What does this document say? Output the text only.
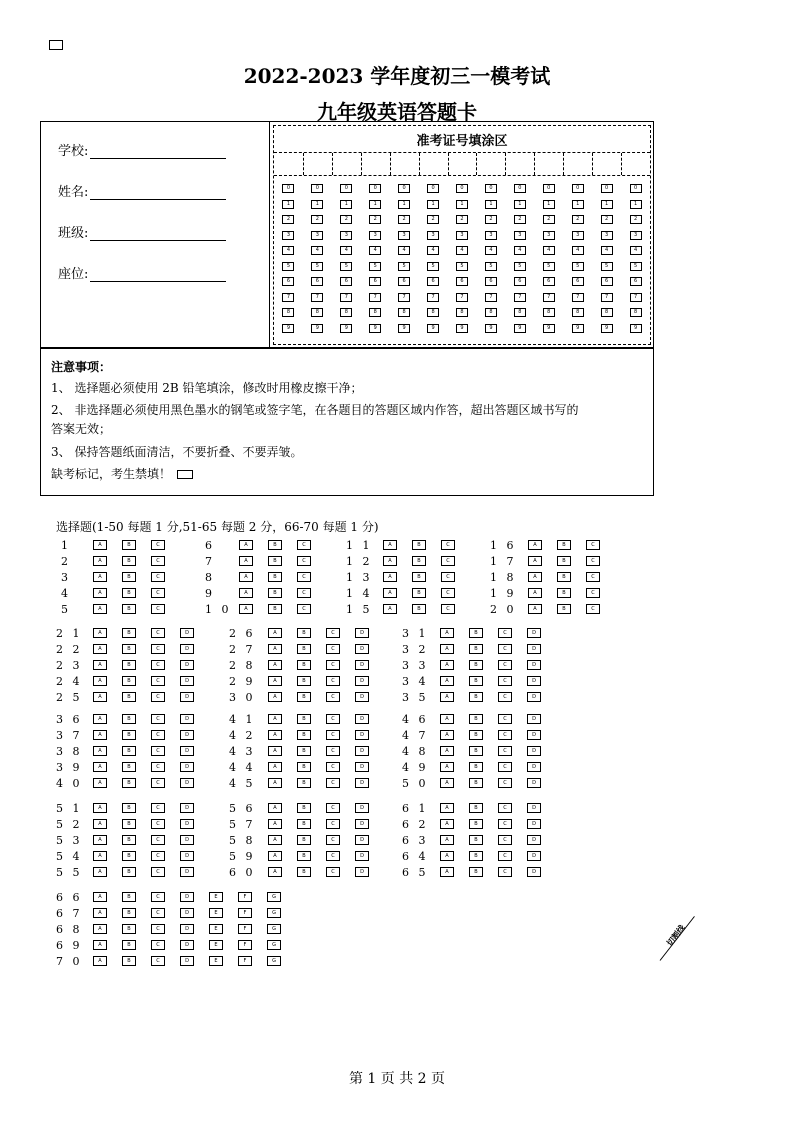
2022-2023 学年度初三一模考试
九年级英语答题卡
学校:
姓名:
班级:
座位:
准考证号填涂区
0	0	0	0	0	0	0	0	0	0	0	0	0
1	1	1	1	1	1	1	1	1	1	1	1	1
2	2	2	2	2	2	2	2	2	2	2	2	2
3	3	3	3	3	3	3	3	3	3	3	3	3
4	4	4	4	4	4	4	4	4	4	4	4	4
5	5	5	5	5	5	5	5	5	5	5	5	5
6	6	6	6	6	6	6	6	6	6	6	6	6
7	7	7	7	7	7	7	7	7	7	7	7	7
8	8	8	8	8	8	8	8	8	8	8	8	8
9	9	9	9	9	9	9	9	9	9	9	9	9
注意事项：
1、 选择题必须使用 2B 铅笔填涂，修改时用橡皮擦干净；
2、 非选择题必须使用黑色墨水的钢笔或签字笔，在各题目的答题区域内作答，超出答题区域书写的
答案无效；
3、 保持答题纸面清洁，不要折叠、不要弄皱。
缺考标记，考生禁填！
选择题(1-50 每题 1 分,51-65 每题 2 分，66-70 每题 1 分)
1	A	B	C
2	A	B	C
3	A	B	C
4	A	B	C
5	A	B	C
6	A	B	C
7	A	B	C
8	A	B	C
9	A	B	C
1 0	A	B	C
1 1	A	B	C
1 2	A	B	C
1 3	A	B	C
1 4	A	B	C
1 5	A	B	C
1 6	A	B	C
1 7	A	B	C
1 8	A	B	C
1 9	A	B	C
2 0	A	B	C
2 1	A	B	C	D
2 2	A	B	C	D
2 3	A	B	C	D
2 4	A	B	C	D
2 5	A	B	C	D
2 6	A	B	C	D
2 7	A	B	C	D
2 8	A	B	C	D
2 9	A	B	C	D
3 0	A	B	C	D
3 1	A	B	C	D
3 2	A	B	C	D
3 3	A	B	C	D
3 4	A	B	C	D
3 5	A	B	C	D
3 6	A	B	C	D
3 7	A	B	C	D
3 8	A	B	C	D
3 9	A	B	C	D
4 0	A	B	C	D
4 1	A	B	C	D
4 2	A	B	C	D
4 3	A	B	C	D
4 4	A	B	C	D
4 5	A	B	C	D
4 6	A	B	C	D
4 7	A	B	C	D
4 8	A	B	C	D
4 9	A	B	C	D
5 0	A	B	C	D
5 1	A	B	C	D
5 2	A	B	C	D
5 3	A	B	C	D
5 4	A	B	C	D
5 5	A	B	C	D
5 6	A	B	C	D
5 7	A	B	C	D
5 8	A	B	C	D
5 9	A	B	C	D
6 0	A	B	C	D
6 1	A	B	C	D
6 2	A	B	C	D
6 3	A	B	C	D
6 4	A	B	C	D
6 5	A	B	C	D
6 6	A	B	C	D	E	F	G
6 7	A	B	C	D	E	F	G
6 8	A	B	C	D	E	F	G
6 9	A	B	C	D	E	F	G
7 0	A	B	C	D	E	F	G
切割线
第 1 页 共 2 页
